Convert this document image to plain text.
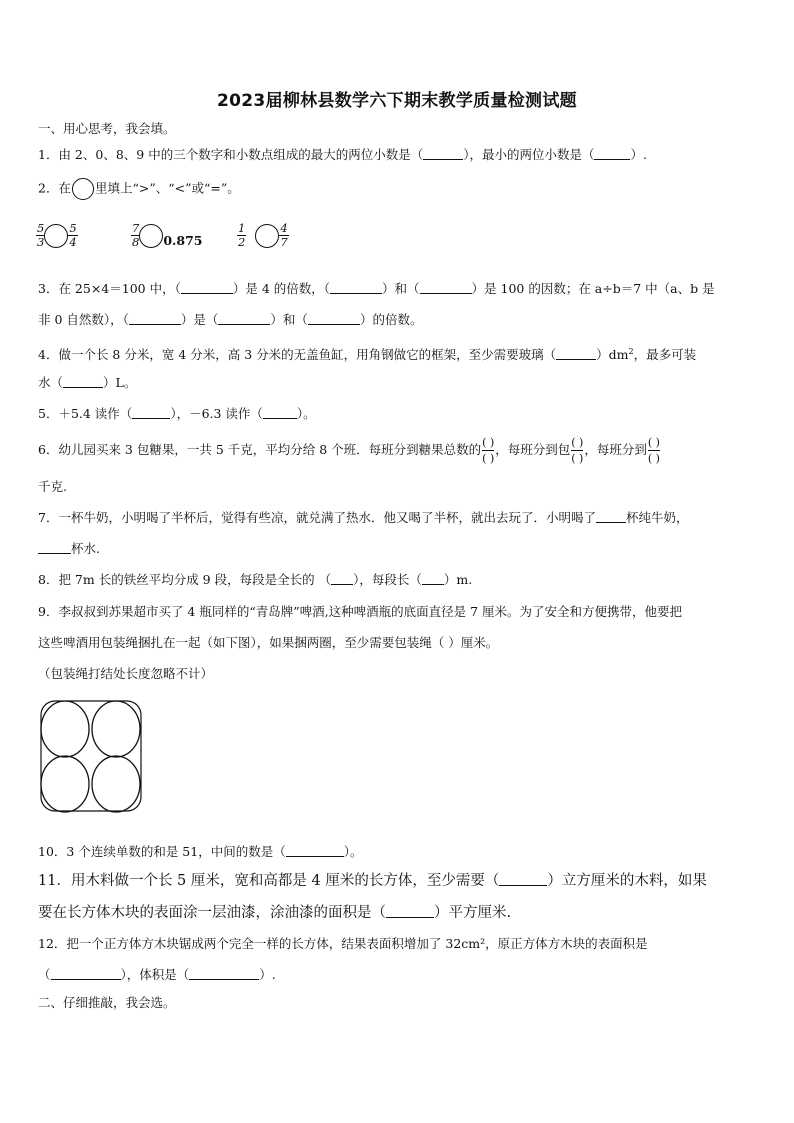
2023届柳林县数学六下期末教学质量检测试题
一、用心思考，我会填。
1．由 2、0、8、9 中的三个数字和小数点组成的最大的两位小数是（	），最小的两位小数是（	）.
2．在 里填上“>”、“<”或“=”。
$\frac{5}{3} \frac{5}{4}$	$\frac{7}{8} 0.875$	$\frac{1}{2}$	$\frac{4}{7}$
3．在 25×4＝100 中，（	）是 4 的倍数，（	）和（	）是 100 的因数；在 a÷b＝7 中（a、b 是
非 0 自然数），（	）是（	）和（	）的倍数。
4．做一个长 8 分米，宽 4 分米，高 3 分米的无盖鱼缸，用角钢做它的框架，至少需要玻璃（	）$dm^2$，最多可装
水（	）L。
5．＋5.4 读作（	），－6.3 读作（	）。
6．幼儿园买来 3 包糖果，一共 5 千克，平均分给 8 个班．每班分到糖果总数的 ( )
( )
，每班分到包 ( )
( )
，每班分到 ( )
( )
千克.
7．一杯牛奶，小明喝了半杯后，觉得有些凉，就兑满了热水．他又喝了半杯，就出去玩了．小明喝了 杯纯牛奶，
杯水.
8．把 7m 长的铁丝平均分成 9 段，每段是全长的 （ ），每段长（ ）m.
9．李叔叔到苏果超市买了 4 瓶同样的“青岛牌”啤酒,这种啤酒瓶的底面直径是 7 厘米。为了安全和方便携带，他要把
这些啤酒用包装绳捆扎在一起（如下图），如果捆两圈，至少需要包装绳（ ）厘米。
（包装绳打结处长度忽略不计）
10．3 个连续单数的和是 51，中间的数是（	）。
11．用木料做一个长 5 厘米，宽和高都是 4 厘米的长方体，至少需要（	）立方厘米的木料，如果
要在长方体木块的表面涂一层油漆，涂油漆的面积是（	）平方厘米.
12．把一个正方体方木块锯成两个完全一样的长方体，结果表面积增加了 32cm²，原正方体方木块的表面积是
（	），体积是（	）.
二、仔细推敲，我会选。
